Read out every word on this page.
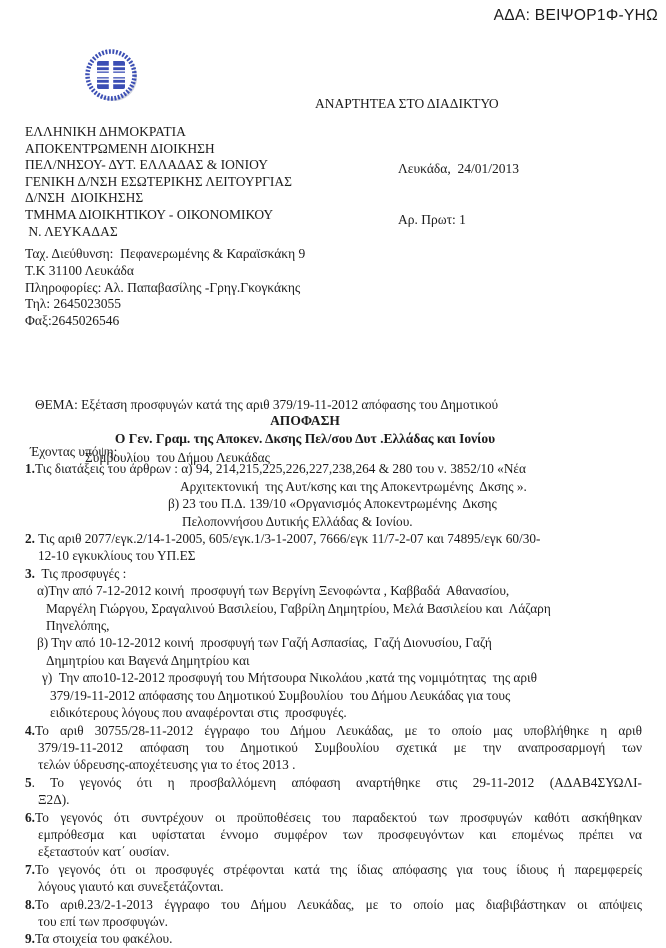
ΑΔΑ: ΒΕΙΨΟΡ1Φ-ΥΗΩ
ΑΝΑΡΤΗΤΕΑ ΣΤΟ ΔΙΑΔΙΚΤΥΟ
ΕΛΛΗΝΙΚΗ ΔΗΜΟΚΡΑΤΙΑ
ΑΠΟΚΕΝΤΡΩΜΕΝΗ ΔΙΟΙΚΗΣΗ
ΠΕΛ/ΝΗΣΟΥ- ΔΥΤ. ΕΛΛΑΔΑΣ & ΙΟΝΙΟΥ
ΓΕΝΙΚΗ Δ/ΝΣΗ ΕΣΩΤΕΡΙΚΗΣ ΛΕΙΤΟΥΡΓΙΑΣ
Δ/ΝΣΗ  ΔΙΟΙΚΗΣΗΣ
ΤΜΗΜΑ ΔΙΟΙΚΗΤΙΚΟΥ - ΟΙΚΟΝΟΜΙΚΟΥ
Ν. ΛΕΥΚΑΔΑΣ

Λευκάδα,  24/01/2013

Αρ. Πρωτ: 1

Ταχ. Διεύθυνση:  Πεφανερωμένης & Καραϊσκάκη 9
Τ.Κ 31100 Λευκάδα
Πληροφορίες: Αλ. Παπαβασίλης -Γρηγ.Γκογκάκης
Τηλ: 2645023055
Φαξ:2645026546

ΘΕΜΑ: Εξέταση προσφυγών κατά της αριθ 379/19-11-2012 απόφασης του Δημοτικού

Συμβουλίου  του Δήμου Λευκάδας

ΑΠΟΦΑΣΗ
Ο Γεν. Γραμ. της Αποκεν. Δκσης Πελ/σου Δυτ .Ελλάδας και Ιονίου
Έχοντας υπόψη:
1.Τις διατάξεις του άρθρων : α) 94, 214,215,225,226,227,238,264 & 280 του ν. 3852/10 «Νέα
Αρχιτεκτονική  της Αυτ/κσης και της Αποκεντρωμένης  Δκσης ».
β) 23 του Π.Δ. 139/10 «Οργανισμός Αποκεντρωμένης  Δκσης
Πελοποννήσου Δυτικής Ελλάδας & Ιονίου.
2. Τις αριθ 2077/εγκ.2/14-1-2005, 605/εγκ.1/3-1-2007, 7666/εγκ 11/7-2-07 και 74895/εγκ 60/30-
12-10 εγκυκλίους του ΥΠ.ΕΣ
3.  Τις προσφυγές :
α)Την από 7-12-2012 κοινή  προσφυγή των Βεργίνη Ξενοφώντα , Καββαδά  Αθανασίου,
Μαργέλη Γιώργου, Σραγαλινού Βασιλείου, Γαβρίλη Δημητρίου, Μελά Βασιλείου και  Λάζαρη
Πηνελόπης,
β) Την από 10-12-2012 κοινή  προσφυγή των Γαζή Ασπασίας,  Γαζή Διονυσίου, Γαζή
Δημητρίου και Βαγενά Δημητρίου και
γ)  Την απο10-12-2012 προσφυγή του Μήτσουρα Νικολάου ,κατά της νομιμότητας  της αριθ
379/19-11-2012 απόφασης του Δημοτικού Συμβουλίου  του Δήμου Λευκάδας για τους
ειδικότερους λόγους που αναφέρονται στις  προσφυγές.
4.Το αριθ 30755/28-11-2012 έγγραφο του Δήμου Λευκάδας, με το οποίο μας υποβλήθηκε η αριθ
379/19-11-2012 απόφαση του Δημοτικού Συμβουλίου σχετικά με την αναπροσαρμογή των
τελών ύδρευσης-αποχέτευσης για το έτος 2013 .
5. Το γεγονός ότι η προσβαλλόμενη απόφαση αναρτήθηκε στις 29-11-2012 (ΑΔΑΒ4ΣΥΩΛΙ-
Ξ2Δ).
6.Το γεγονός ότι συντρέχουν οι προϋποθέσεις του παραδεκτού των προσφυγών καθότι ασκήθηκαν
εμπρόθεσμα και υφίσταται έννομο συμφέρον των προσφευγόντων και επομένως πρέπει να
εξεταστούν κατ΄ ουσίαν.
7.Το γεγονός ότι οι προσφυγές στρέφονται κατά της ίδιας απόφασης για τους ίδιους ή παρεμφερείς
λόγους γιαυτό και συνεξετάζονται.
8.Το αριθ.23/2-1-2013 έγγραφο του Δήμου Λευκάδας, με το οποίο μας διαβιβάστηκαν οι απόψεις
του επί των προσφυγών.
9.Τα στοιχεία του φακέλου.
